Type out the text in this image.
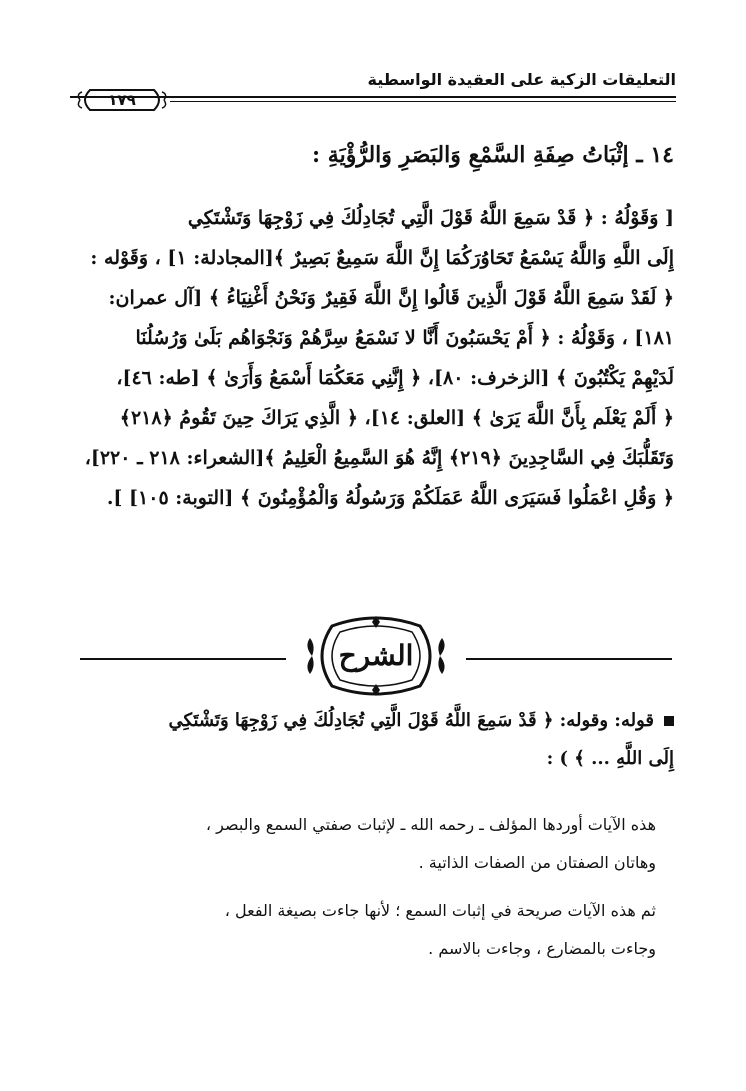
التعليقات الزكية على العقيدة الواسطية
١٧٩
١٤ ـ إثْبَاتُ صِفَةِ السَّمْعِ وَالبَصَرِ وَالرُّؤْيَةِ :
[ وَقَوْلُهُ : ﴿ قَدْ سَمِعَ اللَّهُ قَوْلَ الَّتِي تُجَادِلُكَ فِي زَوْجِهَا وَتَشْتَكِي
إِلَى اللَّهِ وَاللَّهُ يَسْمَعُ تَحَاوُرَكُمَا إِنَّ اللَّهَ سَمِيعٌ بَصِيرٌ ﴾[المجادلة: ١] ، وَقَوْله :
﴿ لَقَدْ سَمِعَ اللَّهُ قَوْلَ الَّذِينَ قَالُوا إِنَّ اللَّهَ فَقِيرٌ وَنَحْنُ أَغْنِيَاءُ ﴾ [آل عمران:
١٨١] ، وَقَوْلُهُ : ﴿ أَمْ يَحْسَبُونَ أَنَّا لا نَسْمَعُ سِرَّهُمْ وَنَجْوَاهُم بَلَىٰ وَرُسُلُنَا
لَدَيْهِمْ يَكْتُبُونَ ﴾ [الزخرف: ٨٠]، ﴿ إِنَّنِي مَعَكُمَا أَسْمَعُ وَأَرَىٰ ﴾ [طه: ٤٦]،
﴿ أَلَمْ يَعْلَم بِأَنَّ اللَّهَ يَرَىٰ ﴾ [العلق: ١٤]، ﴿ الَّذِي يَرَاكَ حِينَ تَقُومُ ﴿٢١٨﴾
وَتَقَلُّبَكَ فِي السَّاجِدِينَ ﴿٢١٩﴾ إِنَّهُ هُوَ السَّمِيعُ الْعَلِيمُ ﴾[الشعراء: ٢١٨ ـ ٢٢٠]،
﴿ وَقُلِ اعْمَلُوا فَسَيَرَى اللَّهُ عَمَلَكُمْ وَرَسُولُهُ وَالْمُؤْمِنُونَ ﴾ [التوبة: ١٠٥] ].
الشرح
قوله: وقوله: ﴿ قَدْ سَمِعَ اللَّهُ قَوْلَ الَّتِي تُجَادِلُكَ فِي زَوْجِهَا وَتَشْتَكِي
إِلَى اللَّهِ ... ﴾ ) :
هذه الآيات أوردها المؤلف ـ رحمه الله ـ لإثبات صفتي السمع والبصر ،
وهاتان الصفتان من الصفات الذاتية .
ثم هذه الآيات صريحة في إثبات السمع ؛ لأنها جاءت بصيغة الفعل ،
وجاءت بالمضارع ، وجاءت بالاسم .
